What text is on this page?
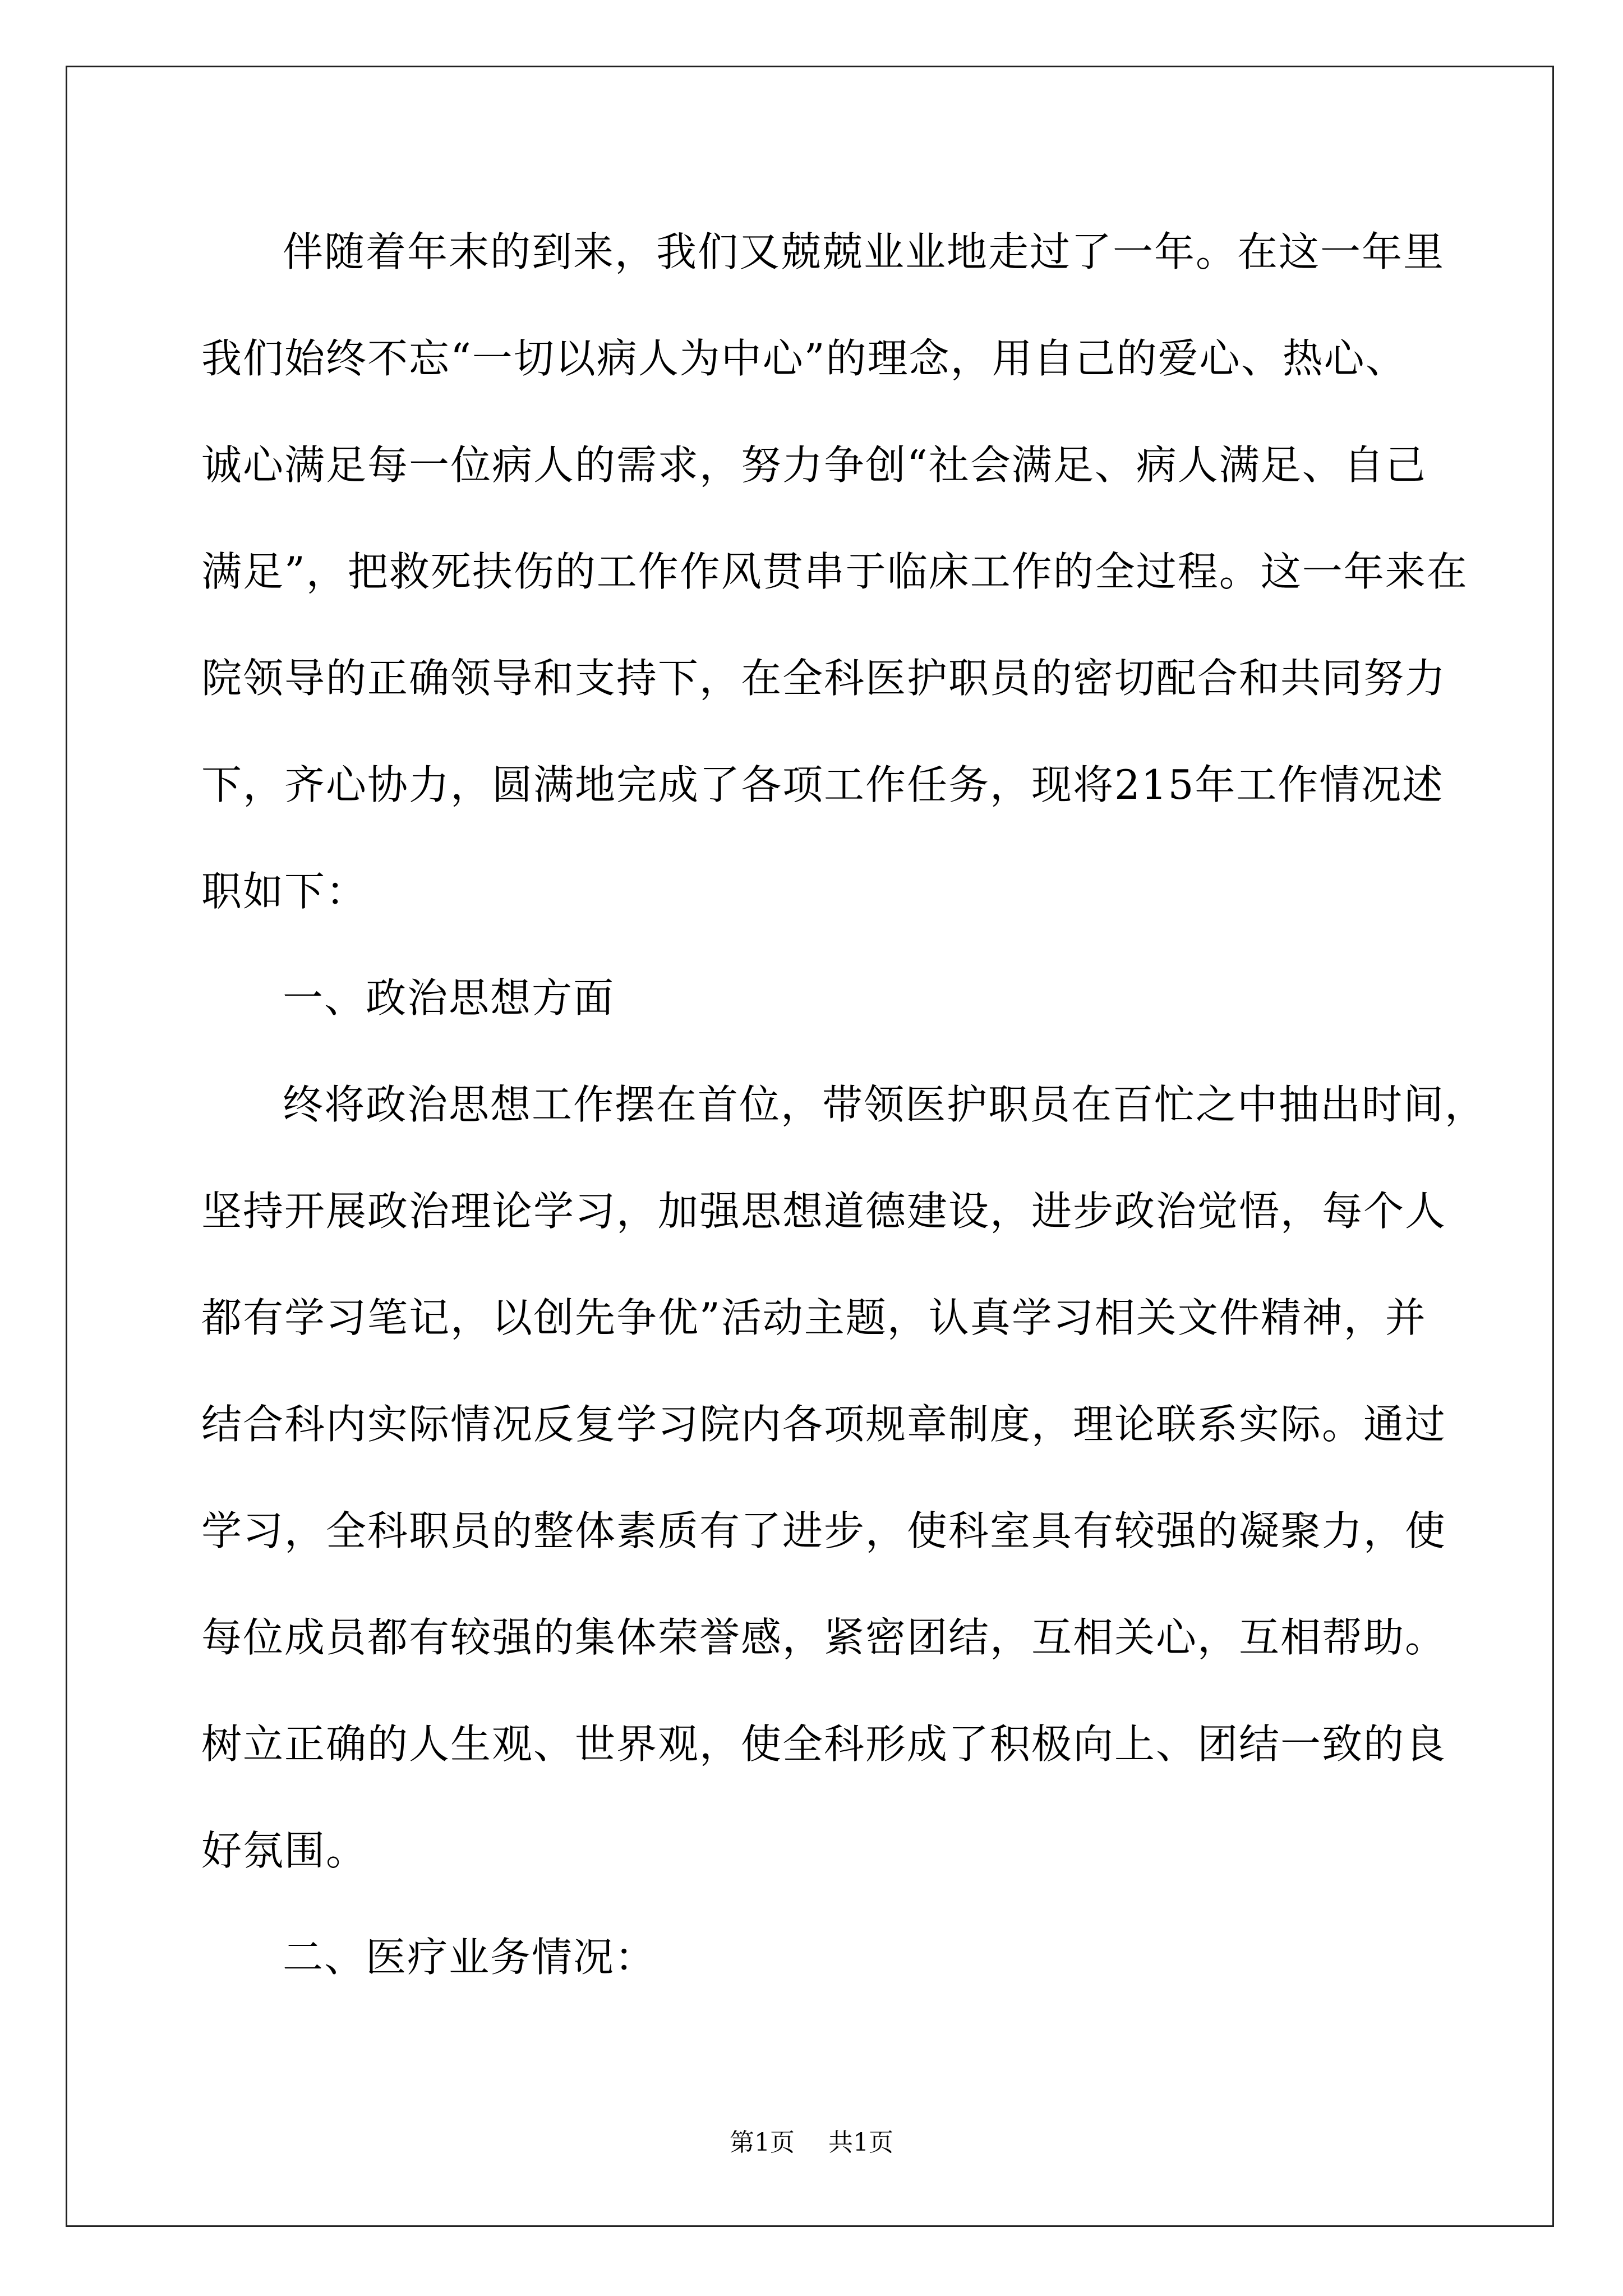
伴随着年末的到来，我们又兢兢业业地走过了一年。在这一年里
我们始终不忘“一切以病人为中心”的理念，用自己的爱心、热心、
诚心满足每一位病人的需求，努力争创“社会满足、病人满足、自己
满足”，把救死扶伤的工作作风贯串于临床工作的全过程。这一年来在
院领导的正确领导和支持下，在全科医护职员的密切配合和共同努力
下，齐心协力，圆满地完成了各项工作任务，现将215年工作情况述
职如下：
一、政治思想方面
终将政治思想工作摆在首位，带领医护职员在百忙之中抽出时间，
坚持开展政治理论学习，加强思想道德建设，进步政治觉悟，每个人
都有学习笔记，以创先争优”活动主题，认真学习相关文件精神，并
结合科内实际情况反复学习院内各项规章制度，理论联系实际。通过
学习，全科职员的整体素质有了进步，使科室具有较强的凝聚力，使
每位成员都有较强的集体荣誉感，紧密团结，互相关心，互相帮助。
树立正确的人生观、世界观，使全科形成了积极向上、团结一致的良
好氛围。
二、医疗业务情况：
第1页 共1页
